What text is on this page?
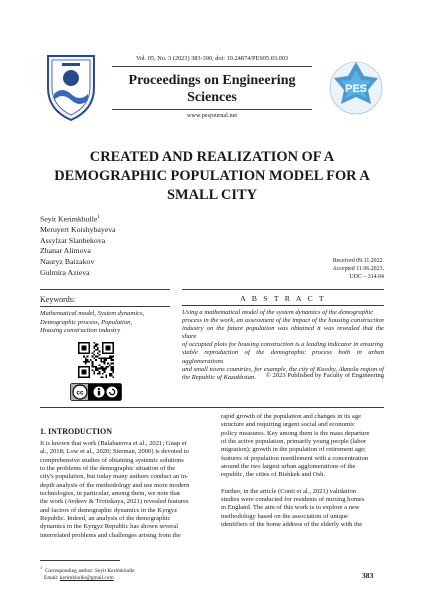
Vol. 05, No. 3 (2023) 383-390, doi: 10.24874/PES05.03.003
Proceedings on Engineering
Sciences
www.pesjournal.net
PES
CREATED AND REALIZATION OF A
DEMOGRAPHIC POPULATION MODEL FOR A
SMALL CITY
Seyit Kerimkhulle$^1$
Meruyert Koishybayeva
Assylzat Slanbekova
Zhanar Alimova
Nauryz Baizakov
Gulmira Azieva
Received 09.11.2022.
Accepted 11.06.2023.
UDC – 314.04
Keywords:
Mathematical model, System dynamics,
Demographic process, Population,
Housing construction industry
cc
A B S T R A C T
Using a mathematical model of the system dynamics of the demographic
process in the work, an assessment of the impact of the housing construction
industry on the future population was obtained it was revealed that the share
of occupied plots for housing construction is a leading indicator in ensuring
stable reproduction of the demographic process both in urban agglomerations
and small towns countries, for example, the city of Kosshy, Akmola region of
the Republic of Kazakhstan.	© 2023 Published by Faculty of Engineering
1. INTRODUCTION
It is known that work (Balabanova et al., 2021; Gnap et
al., 2018; Low et al., 2020; Sterman, 2000) is devoted to
comprehensive studies of obtaining systemic solutions
to the problems of the demographic situation of the
city's population, but today many authors conduct an in-
depth analysis of the methodology and use more modern
technologies, in particular, among them, we note that
the work (Avdeev & Troitskaya, 2021) revealed features
and factors of demographic dynamics in the Kyrgyz
Republic. Indeed, an analysis of the demographic
dynamics in the Kyrgyz Republic has shown several
interrelated problems and challenges arising from the

rapid growth of the population and changes in its age
structure and requiring urgent social and economic
policy measures. Key among them is the mass departure
of the active population, primarily young people (labor
migration); growth in the population of retirement age;
features of population resettlement with a concentration
around the two largest urban agglomerations of the
republic, the cities of Bishkek and Osh.

Further, in the article (Conti et al., 2021) validation
studies were conducted for residents of nursing homes
in England. The aim of this work is to explore a new
methodology based on the association of unique
identifiers of the home address of the elderly with the

$^1$  Corresponding author: Seyit Kerimkhulle
Email: kerimkhulle@gmail.com	383
